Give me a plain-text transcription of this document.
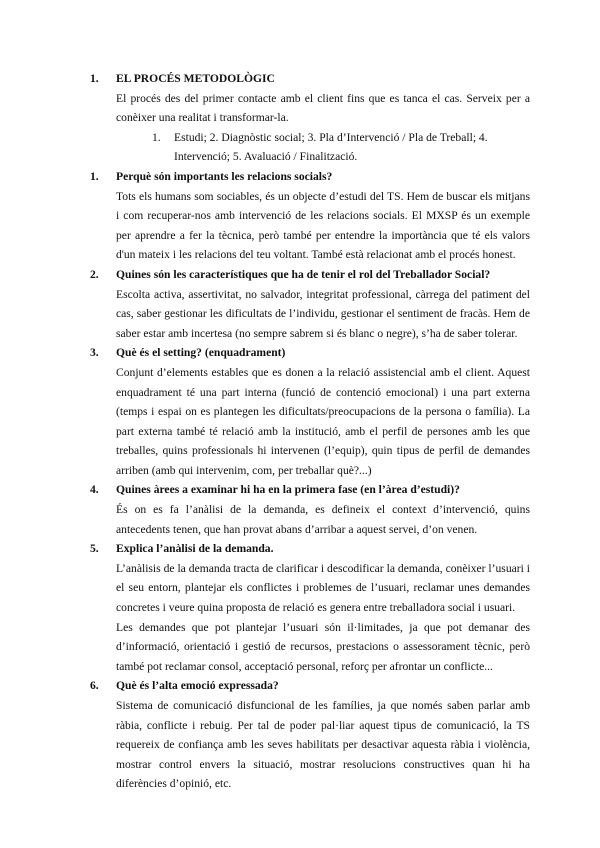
1.	EL PROCÉS METODOLÒGIC

El procés des del primer contacte amb el client fins que es tanca el cas. Serveix per a conèixer una realitat i transformar-la.

1. Estudi; 2. Diagnòstic social; 3. Pla d’Intervenció / Pla de Treball; 4. Intervenció; 5. Avaluació / Finalització.
1.	Perquè són importants les relacions socials?

Tots els humans som sociables, és un objecte d’estudi del TS. Hem de buscar els mitjans i com recuperar-nos amb intervenció de les relacions socials. El MXSP és un exemple per aprendre a fer la tècnica, però també per entendre la importància que té els valors d'un mateix i les relacions del teu voltant. També està relacionat amb el procés honest.

2.	Quines són les característiques que ha de tenir el rol del Treballador Social?

Escolta activa, assertivitat, no salvador, integritat professional, càrrega del patiment del cas, saber gestionar les dificultats de l’individu, gestionar el sentiment de fracàs. Hem de saber estar amb incertesa (no sempre sabrem si és blanc o negre), s’ha de saber tolerar.

3.	Què és el setting? (enquadrament)

Conjunt d’elements estables que es donen a la relació assistencial amb el client. Aquest enquadrament té una part interna (funció de contenció emocional) i una part externa (temps i espai on es plantegen les dificultats/preocupacions de la persona o família). La part externa també té relació amb la institució, amb el perfil de persones amb les que treballes, quins professionals hi intervenen (l’equip), quin tipus de perfil de demandes arriben (amb qui intervenim, com, per treballar què?...)

4.	Quines àrees a examinar hi ha en la primera fase (en l’àrea d’estudi)?

És on es fa l’anàlisi de la demanda, es defineix el context d’intervenció, quins antecedents tenen, que han provat abans d’arribar a aquest servei, d’on venen.

5.	Explica l’anàlisi de la demanda.

L’anàlisis de la demanda tracta de clarificar i descodificar la demanda, conèixer l’usuari i el seu entorn, plantejar els conflictes i problemes de l’usuari, reclamar unes demandes concretes i veure quina proposta de relació es genera entre treballadora social i usuari.

Les demandes que pot plantejar l’usuari són il·limitades, ja que pot demanar des d’informació, orientació i gestió de recursos, prestacions o assessorament tècnic, però també pot reclamar consol, acceptació personal, reforç per afrontar un conflicte...

6.	Què és l’alta emoció expressada?

Sistema de comunicació disfuncional de les famílies, ja que només saben parlar amb ràbia, conflicte i rebuig. Per tal de poder pal·liar aquest tipus de comunicació, la TS requereix de confiança amb les seves habilitats per desactivar aquesta ràbia i violència, mostrar control envers la situació, mostrar resolucions constructives quan hi ha diferències d’opinió, etc.
